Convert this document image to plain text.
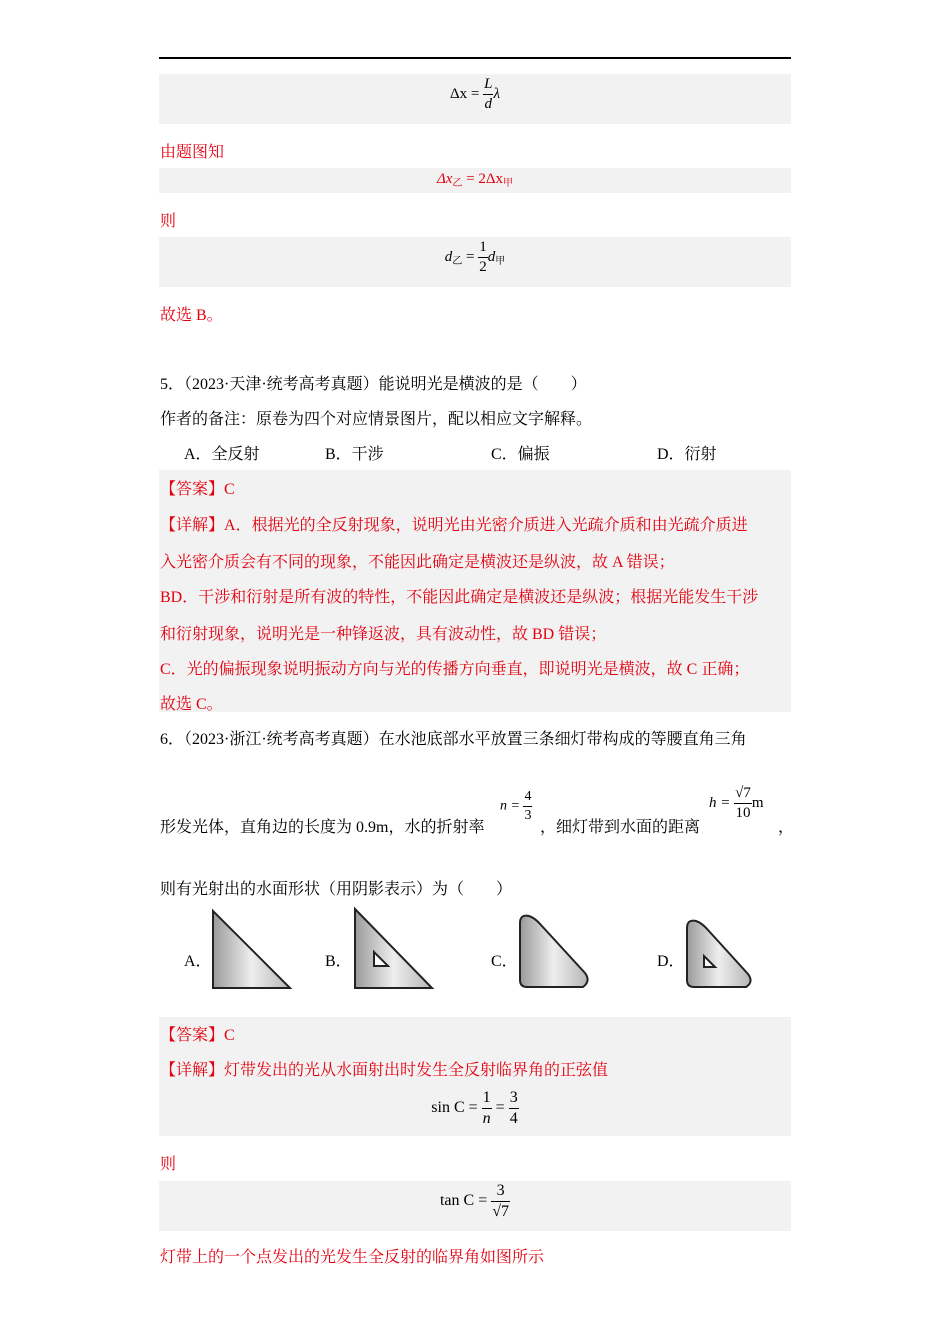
$\Delta x = \frac{L}{d}$ λ
由题图知
$\Delta x_乙 = 2\Delta x_甲$
则
$d_乙 = \frac{1}{2} d_甲$
故选 B。
5．（2023·天津·统考高考真题）能说明光是横波的是（　　）
作者的备注：原卷为四个对应情景图片，配以相应文字解释。
A．全反射	B．干涉	C．偏振	D．衍射
【答案】C
【详解】A．根据光的全反射现象，说明光由光密介质进入光疏介质和由光疏介质进
入光密介质会有不同的现象，不能因此确定是横波还是纵波，故 A 错误；
BD．干涉和衍射是所有波的特性，不能因此确定是横波还是纵波；根据光能发生干涉
和衍射现象，说明光是一种锋返波，具有波动性，故 BD 错误；
C．光的偏振现象说明振动方向与光的传播方向垂直，即说明光是横波，故 C 正确；
故选 C。
6．（2023·浙江·统考高考真题）在水池底部水平放置三条细灯带构成的等腰直角三角
形发光体，直角边的长度为 0.9m，水的折射率
$n = \frac{4}{3}$
，细灯带到水面的距离
$h = \frac{√7}{10}$ m
，
则有光射出的水面形状（用阴影表示）为（　　）
A．	B．	C．	D．
【答案】C
【详解】灯带发出的光从水面射出时发生全反射临界角的正弦值
$\sin C = \frac{1}{n} = \frac{3}{4}$
则
$\tan C = \frac{3}{√7}$
灯带上的一个点发出的光发生全反射的临界角如图所示
